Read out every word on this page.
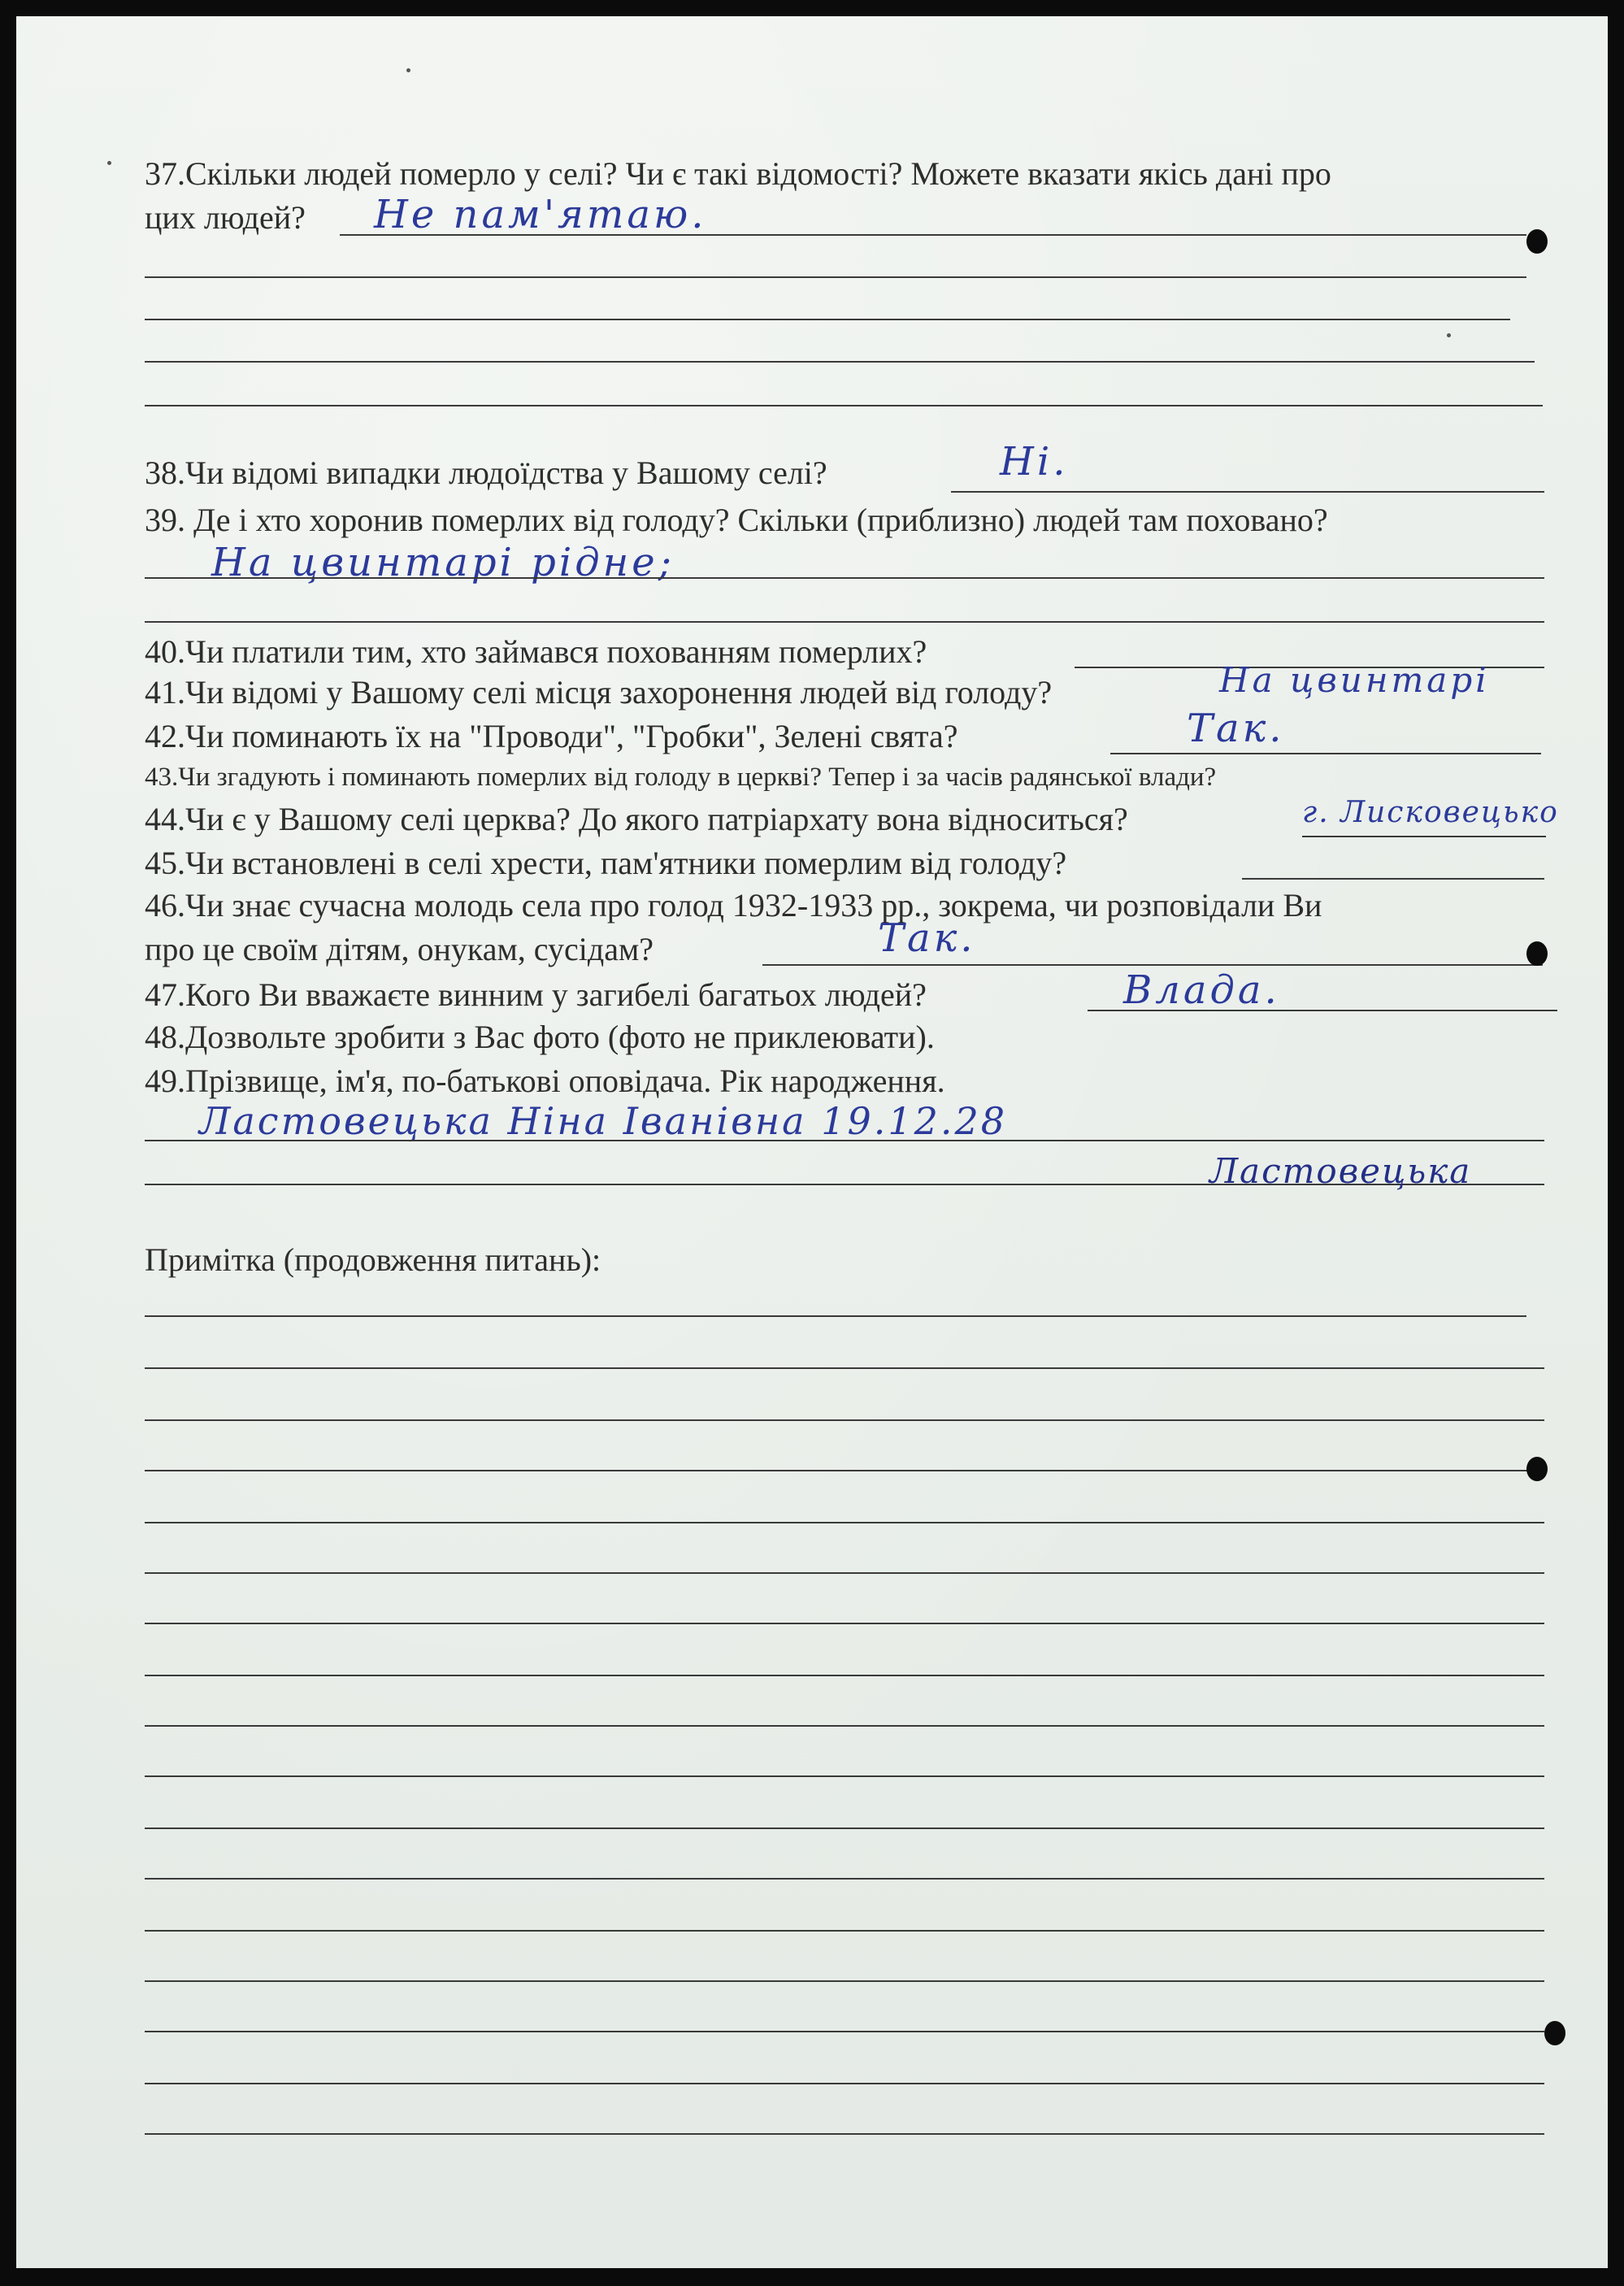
37.Скільки людей померло у селі? Чи є такі відомості? Можете вказати якісь дані про
цих людей? Не пам'ятаю.
38.Чи відомі випадки людоїдства у Вашому селі?	Ні.
39. Де і хто хоронив померлих від голоду? Скільки (приблизно) людей там поховано?
На цвинтарі рідне;
40.Чи платили тим, хто займався похованням померлих?
41.Чи відомі у Вашому селі місця захоронення людей від голоду?	На цвинтарі
42.Чи поминають їх на "Проводи", "Гробки", Зелені свята?	Так.
43.Чи згадують і поминають померлих від голоду в церкві? Тепер і за часів радянської влади?
44.Чи є у Вашому селі церква? До якого патріархату вона відноситься?	г. Лисковецько
45.Чи встановлені в селі хрести, пам'ятники померлим від голоду?
46.Чи знає сучасна молодь села про голод 1932-1933 рр., зокрема, чи розповідали Ви
про це своїм дітям, онукам, сусідам?	Так.
47.Кого Ви вважаєте винним у загибелі багатьох людей?	Влада.
48.Дозвольте зробити з Вас фото (фото не приклеювати).
49.Прізвище, ім'я, по-батькові оповідача. Рік народження.
Ластовецька Ніна Іванівна 19.12.28
Ластовецька
Примітка (продовження питань):
